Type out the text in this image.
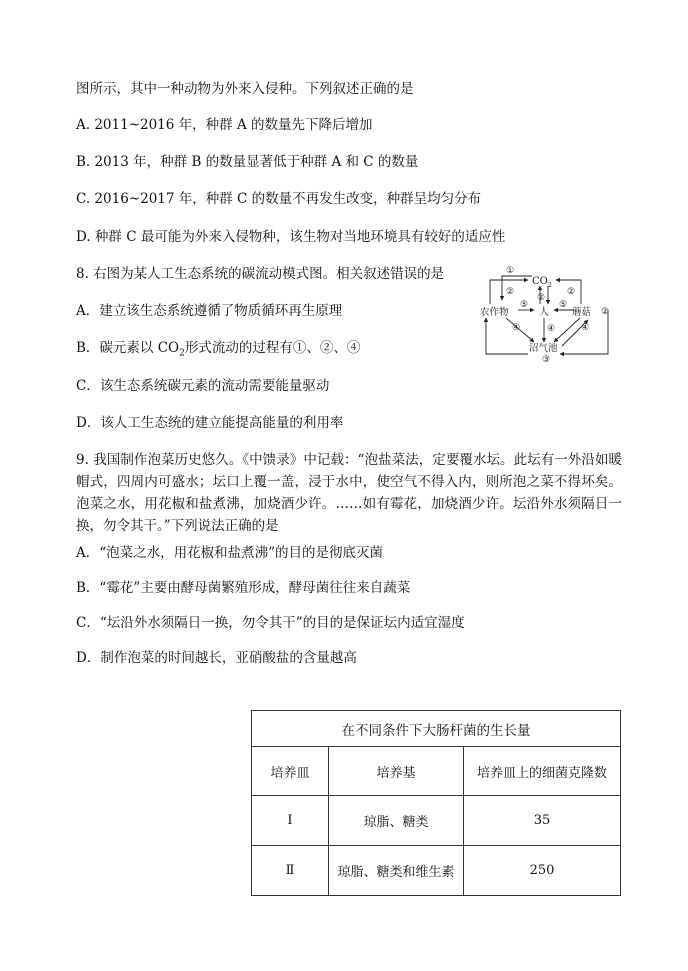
图所示，其中一种动物为外来入侵种。下列叙述正确的是
A. 2011~2016 年，种群 A 的数量先下降后增加
B. 2013 年，种群 B 的数量显著低于种群 A 和 C 的数量
C. 2016~2017 年，种群 C 的数量不再发生改变，种群呈均匀分布
D. 种群 C 最可能为外来入侵物种，该生物对当地环境具有较好的适应性
8. 右图为某人工生态系统的碳流动模式图。相关叙述错误的是
A．建立该生态系统遵循了物质循环再生原理
B．碳元素以 $CO_2$形式流动的过程有①、②、④
C．该生态系统碳元素的流动需要能量驱动
D．该人工生态统的建立能提高能量的利用率
$CO_2$
农作物	人 蘑菇
沼气池
①
②
②
②
②
③
④	④	④
⑤	⑤
9. 我国制作泡菜历史悠久。《中馈录》中记载：“泡盐菜法，定要覆水坛。此坛有一外沿如暖帽式，四周内可盛水；坛口上覆一盖，浸于水中，使空气不得入内，则所泡之菜不得坏矣。泡菜之水，用花椒和盐煮沸，加烧酒少许。……如有霉花，加烧酒少许。坛沿外水须隔日一换，勿令其干。”下列说法正确的是
A．“泡菜之水，用花椒和盐煮沸”的目的是彻底灭菌
B．“霉花”主要由酵母菌繁殖形成，酵母菌往往来自蔬菜
C．“坛沿外水须隔日一换，勿令其干”的目的是保证坛内适宜湿度
D．制作泡菜的时间越长，亚硝酸盐的含量越高
在不同条件下大肠杆菌的生长量		
培养皿	培养基	培养皿上的细菌克隆数
Ⅰ	琼脂、糖类	35
Ⅱ	琼脂、糖类和维生素	250
